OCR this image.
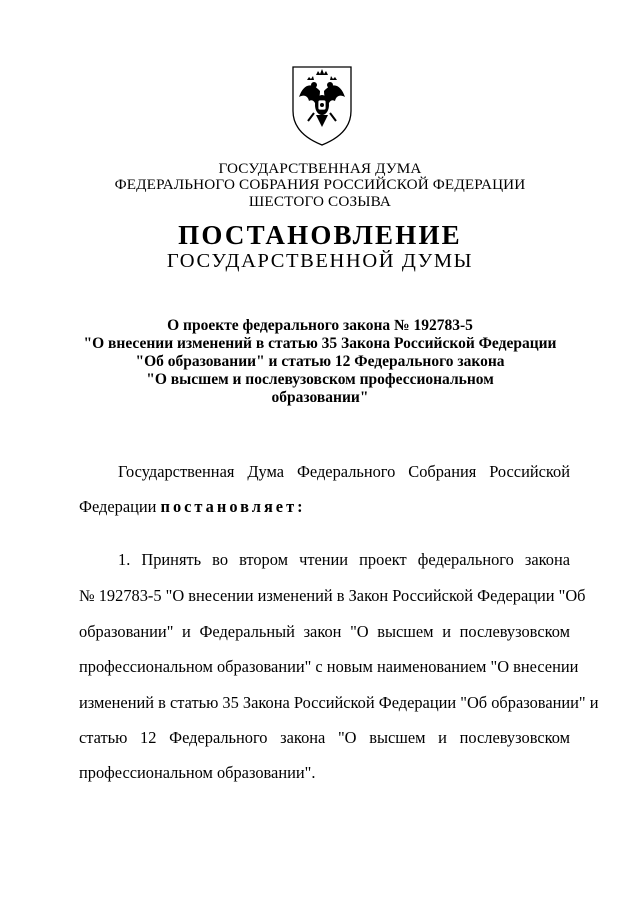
ГОСУДАРСТВЕННАЯ ДУМА
ФЕДЕРАЛЬНОГО СОБРАНИЯ РОССИЙСКОЙ ФЕДЕРАЦИИ
ШЕСТОГО СОЗЫВА
ПОСТАНОВЛЕНИЕ
ГОСУДАРСТВЕННОЙ ДУМЫ
О проекте федерального закона № 192783-5
"О внесении изменений в статью 35 Закона Российской Федерации
"Об образовании" и статью 12 Федерального закона
"О высшем и послевузовском профессиональном
образовании"
Государственная Дума Федерального Собрания Российской
Федерации постановляет:
1. Принять во втором чтении проект федерального закона
№ 192783-5 "О внесении изменений в Закон Российской Федерации "Об
образовании" и Федеральный закон "О высшем и послевузовском
профессиональном образовании" с новым наименованием "О внесении
изменений в статью 35 Закона Российской Федерации "Об образовании" и
статью 12 Федерального закона "О высшем и послевузовском
профессиональном образовании".
